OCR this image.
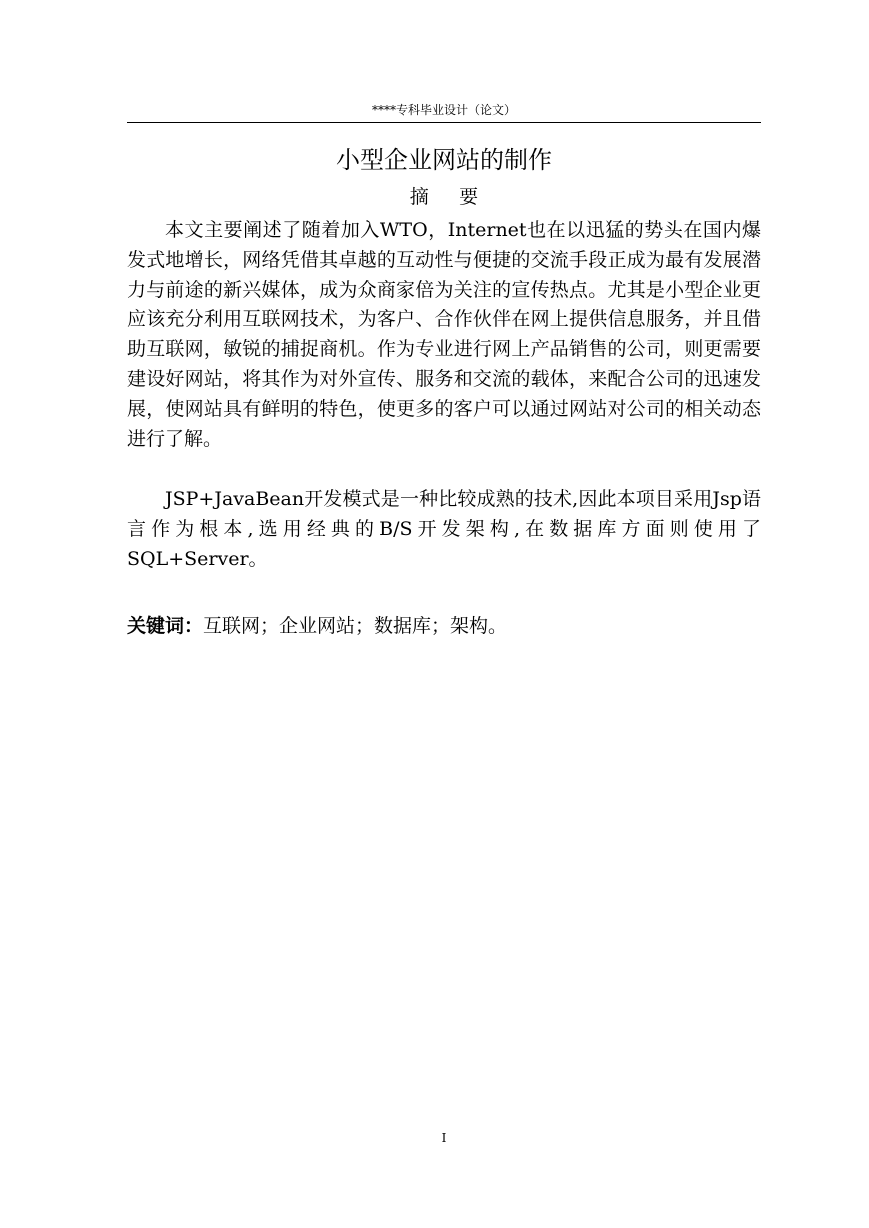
****专科毕业设计（论文）
小型企业网站的制作
摘要

本文主要阐述了随着加入WTO，Internet也在以迅猛的势头在国内爆发式地增长，网络凭借其卓越的互动性与便捷的交流手段正成为最有发展潜力与前途的新兴媒体，成为众商家倍为关注的宣传热点。尤其是小型企业更应该充分利用互联网技术，为客户、合作伙伴在网上提供信息服务，并且借助互联网，敏锐的捕捉商机。作为专业进行网上产品销售的公司，则更需要建设好网站，将其作为对外宣传、服务和交流的载体，来配合公司的迅速发展，使网站具有鲜明的特色，使更多的客户可以通过网站对公司的相关动态进行了解。

JSP+JavaBean开发模式是一种比较成熟的技术,因此本项目采用Jsp语言作为根本,选用经典的B/S开发架构,在数据库方面则使用了SQL+Server。

关键词：互联网；企业网站；数据库；架构。

I
